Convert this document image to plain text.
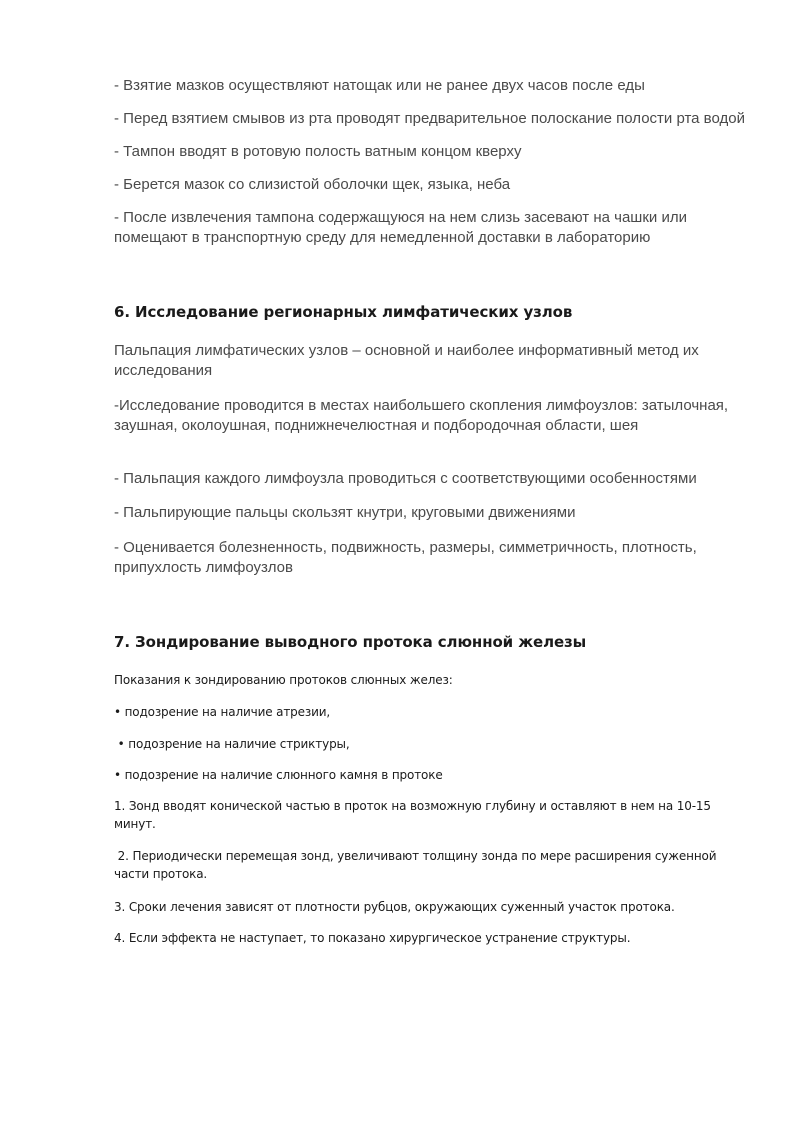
- Взятие мазков осуществляют натощак или не ранее двух часов после еды

- Перед взятием смывов из рта проводят предварительное полоскание полости рта водой

- Тампон вводят в ротовую полость ватным концом кверху

- Берется мазок со слизистой оболочки щек, языка, неба

- После извлечения тампона содержащуюся на нем слизь засевают на чашки или помещают в транспортную среду для немедленной доставки в лабораторию

6. Исследование регионарных лимфатических узлов

Пальпация лимфатических узлов – основной и наиболее информативный метод их исследования

-Исследование проводится в местах наибольшего скопления лимфоузлов: затылочная, заушная, околоушная, поднижнечелюстная и подбородочная области, шея

- Пальпация каждого лимфоузла проводиться с соответствующими особенностями

- Пальпирующие пальцы скользят кнутри, круговыми движениями

- Оценивается болезненность, подвижность, размеры, симметричность, плотность, припухлость лимфоузлов

7. Зондирование выводного протока слюнной железы

Показания к зондированию протоков слюнных желез:

• подозрение на наличие атрезии,

• подозрение на наличие стриктуры,

• подозрение на наличие слюнного камня в протоке

1. Зонд вводят конической частью в проток на возможную глубину и оставляют в нем на 10-15 минут.

2. Периодически перемещая зонд, увеличивают толщину зонда по мере расширения суженной части протока.

3. Сроки лечения зависят от плотности рубцов, окружающих суженный участок протока.

4. Если эффекта не наступает, то показано хирургическое устранение структуры.
